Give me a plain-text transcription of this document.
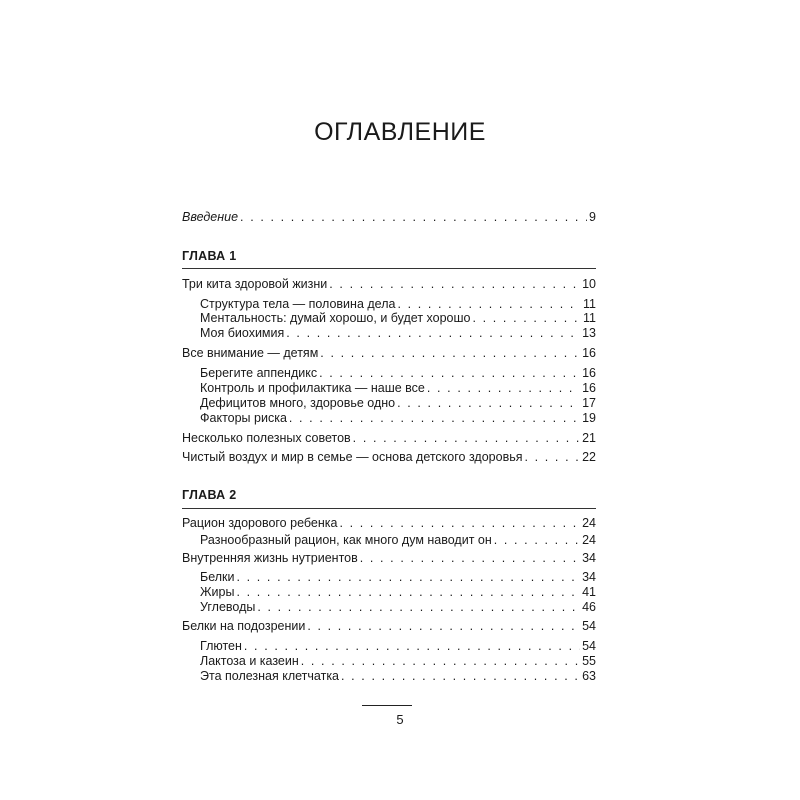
ОГЛАВЛЕНИЕ
Введение . . .	9
ГЛАВА 1
Три кита здоровой жизни . . .	10
Структура тела — половина дела . . .	11
Ментальность: думай хорошо, и будет хорошо . . .	11
Моя биохимия . . .	13
Все внимание — детям . . .	16
Берегите аппендикс . . .	16
Контроль и профилактика — наше все . . .	16
Дефицитов много, здоровье одно . . .	17
Факторы риска . . .	19
Несколько полезных советов . . .	21
Чистый воздух и мир в семье — основа детского здоровья . . .	22
ГЛАВА 2
Рацион здорового ребенка . . .	24
Разнообразный рацион, как много дум наводит он . . .	24
Внутренняя жизнь нутриентов . . .	34
Белки . . .	34
Жиры . . .	41
Углеводы . . .	46
Белки на подозрении . . .	54
Глютен . . .	54
Лактоза и казеин . . .	55
Эта полезная клетчатка . . .	63
5
